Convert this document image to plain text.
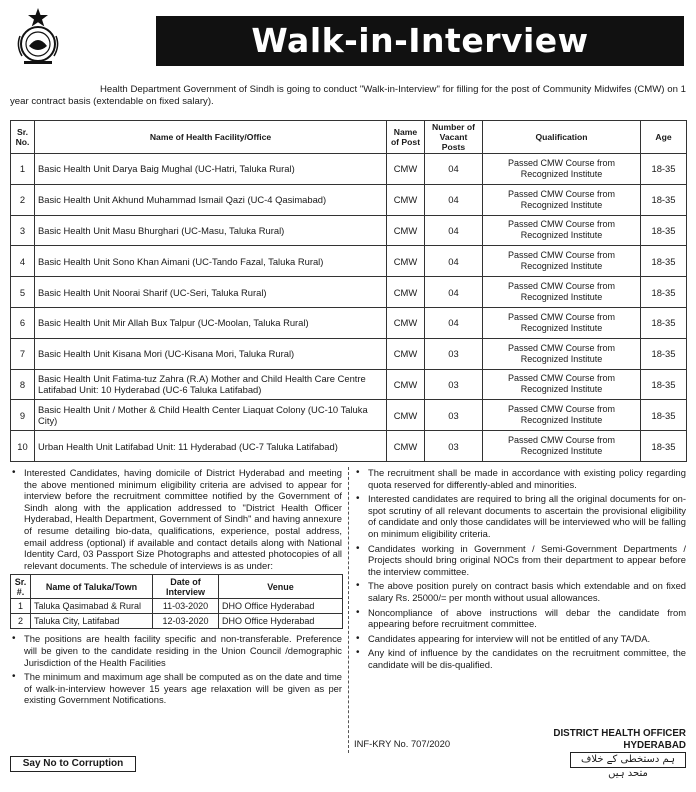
Walk-in-Interview

Health Department Government of Sindh is going to conduct "Walk-in-Interview" for filling for the post of Community Midwifes (CMW) on 1 year contract basis (extendable on fixed salary).

Sr. No.	Name of Health Facility/Office	Name of Post	Number of Vacant Posts	Qualification	Age
1	Basic Health Unit Darya Baig Mughal (UC-Hatri, Taluka Rural)	CMW	04	Passed CMW Course from Recognized Institute	18-35
2	Basic Health Unit Akhund Muhammad Ismail Qazi (UC-4 Qasimabad)	CMW	04	Passed CMW Course from Recognized Institute	18-35
3	Basic Health Unit Masu Bhurghari (UC-Masu, Taluka Rural)	CMW	04	Passed CMW Course from Recognized Institute	18-35
4	Basic Health Unit Sono Khan Aimani (UC-Tando Fazal, Taluka Rural)	CMW	04	Passed CMW Course from Recognized Institute	18-35
5	Basic Health Unit Noorai Sharif (UC-Seri, Taluka Rural)	CMW	04	Passed CMW Course from Recognized Institute	18-35
6	Basic Health Unit Mir Allah Bux Talpur (UC-Moolan, Taluka Rural)	CMW	04	Passed CMW Course from Recognized Institute	18-35
7	Basic Health Unit Kisana Mori (UC-Kisana Mori, Taluka Rural)	CMW	03	Passed CMW Course from Recognized Institute	18-35
8	Basic Health Unit Fatima-tuz Zahra (R.A) Mother and Child Health Care Centre Latifabad Unit: 10 Hyderabad (UC-6 Taluka Latifabad)	CMW	03	Passed CMW Course from Recognized Institute	18-35
9	Basic Health Unit / Mother & Child Health Center Liaquat Colony (UC-10 Taluka City)	CMW	03	Passed CMW Course from Recognized Institute	18-35
10	Urban Health Unit Latifabad Unit: 11 Hyderabad (UC-7 Taluka Latifabad)	CMW	03	Passed CMW Course from Recognized Institute	18-35
• Interested Candidates, having domicile of District Hyderabad and meeting the above mentioned minimum eligibility criteria are advised to appear for interview before the recruitment committee notified by the Government of Sindh along with the application addressed to "District Health Officer Hyderabad, Health Department, Government of Sindh" and having annexure of resume detailing bio-data, qualifications, experience, postal address, email address (optional) if available and contact details along with National Identity Card, 03 Passport Size Photographs and attested photocopies of all relevant documents. The schedule of interviews is as under:
Sr. #.	Name of Taluka/Town	Date of Interview	Venue
1	Taluka Qasimabad & Rural	11-03-2020	DHO Office Hyderabad
2	Taluka City, Latifabad	12-03-2020	DHO Office Hyderabad
• The positions are health facility specific and non-transferable. Preference will be given to the candidate residing in the Union Council /demographic Jurisdiction of the Health Facilities
• The minimum and maximum age shall be computed as on the date and time of walk-in-interview however 15 years age relaxation will be given as per existing Government Notifications.
• The recruitment shall be made in accordance with existing policy regarding quota reserved for differently-abled and minorities.
• Interested candidates are required to bring all the original documents for on-spot scrutiny of all relevant documents to ascertain the provisional eligibility of candidate and only those candidates will be interviewed who will be falling on minimum eligibility criteria.
• Candidates working in Government / Semi-Government Departments / Projects should bring original NOCs from their department to appear before the interview committee.
• The above position purely on contract basis which extendable and on fixed salary Rs. 25000/= per month without usual allowances.
• Noncompliance of above instructions will debar the candidate from appearing before recruitment committee.
• Candidates appearing for interview will not be entitled of any TA/DA.
• Any kind of influence by the candidates on the recruitment committee, the candidate will be dis-qualified.
INF-KRY No. 707/2020
DISTRICT HEALTH OFFICER
HYDERABAD
Say No to Corruption	ہم دستخطی کے خلاف متحد ہیں
